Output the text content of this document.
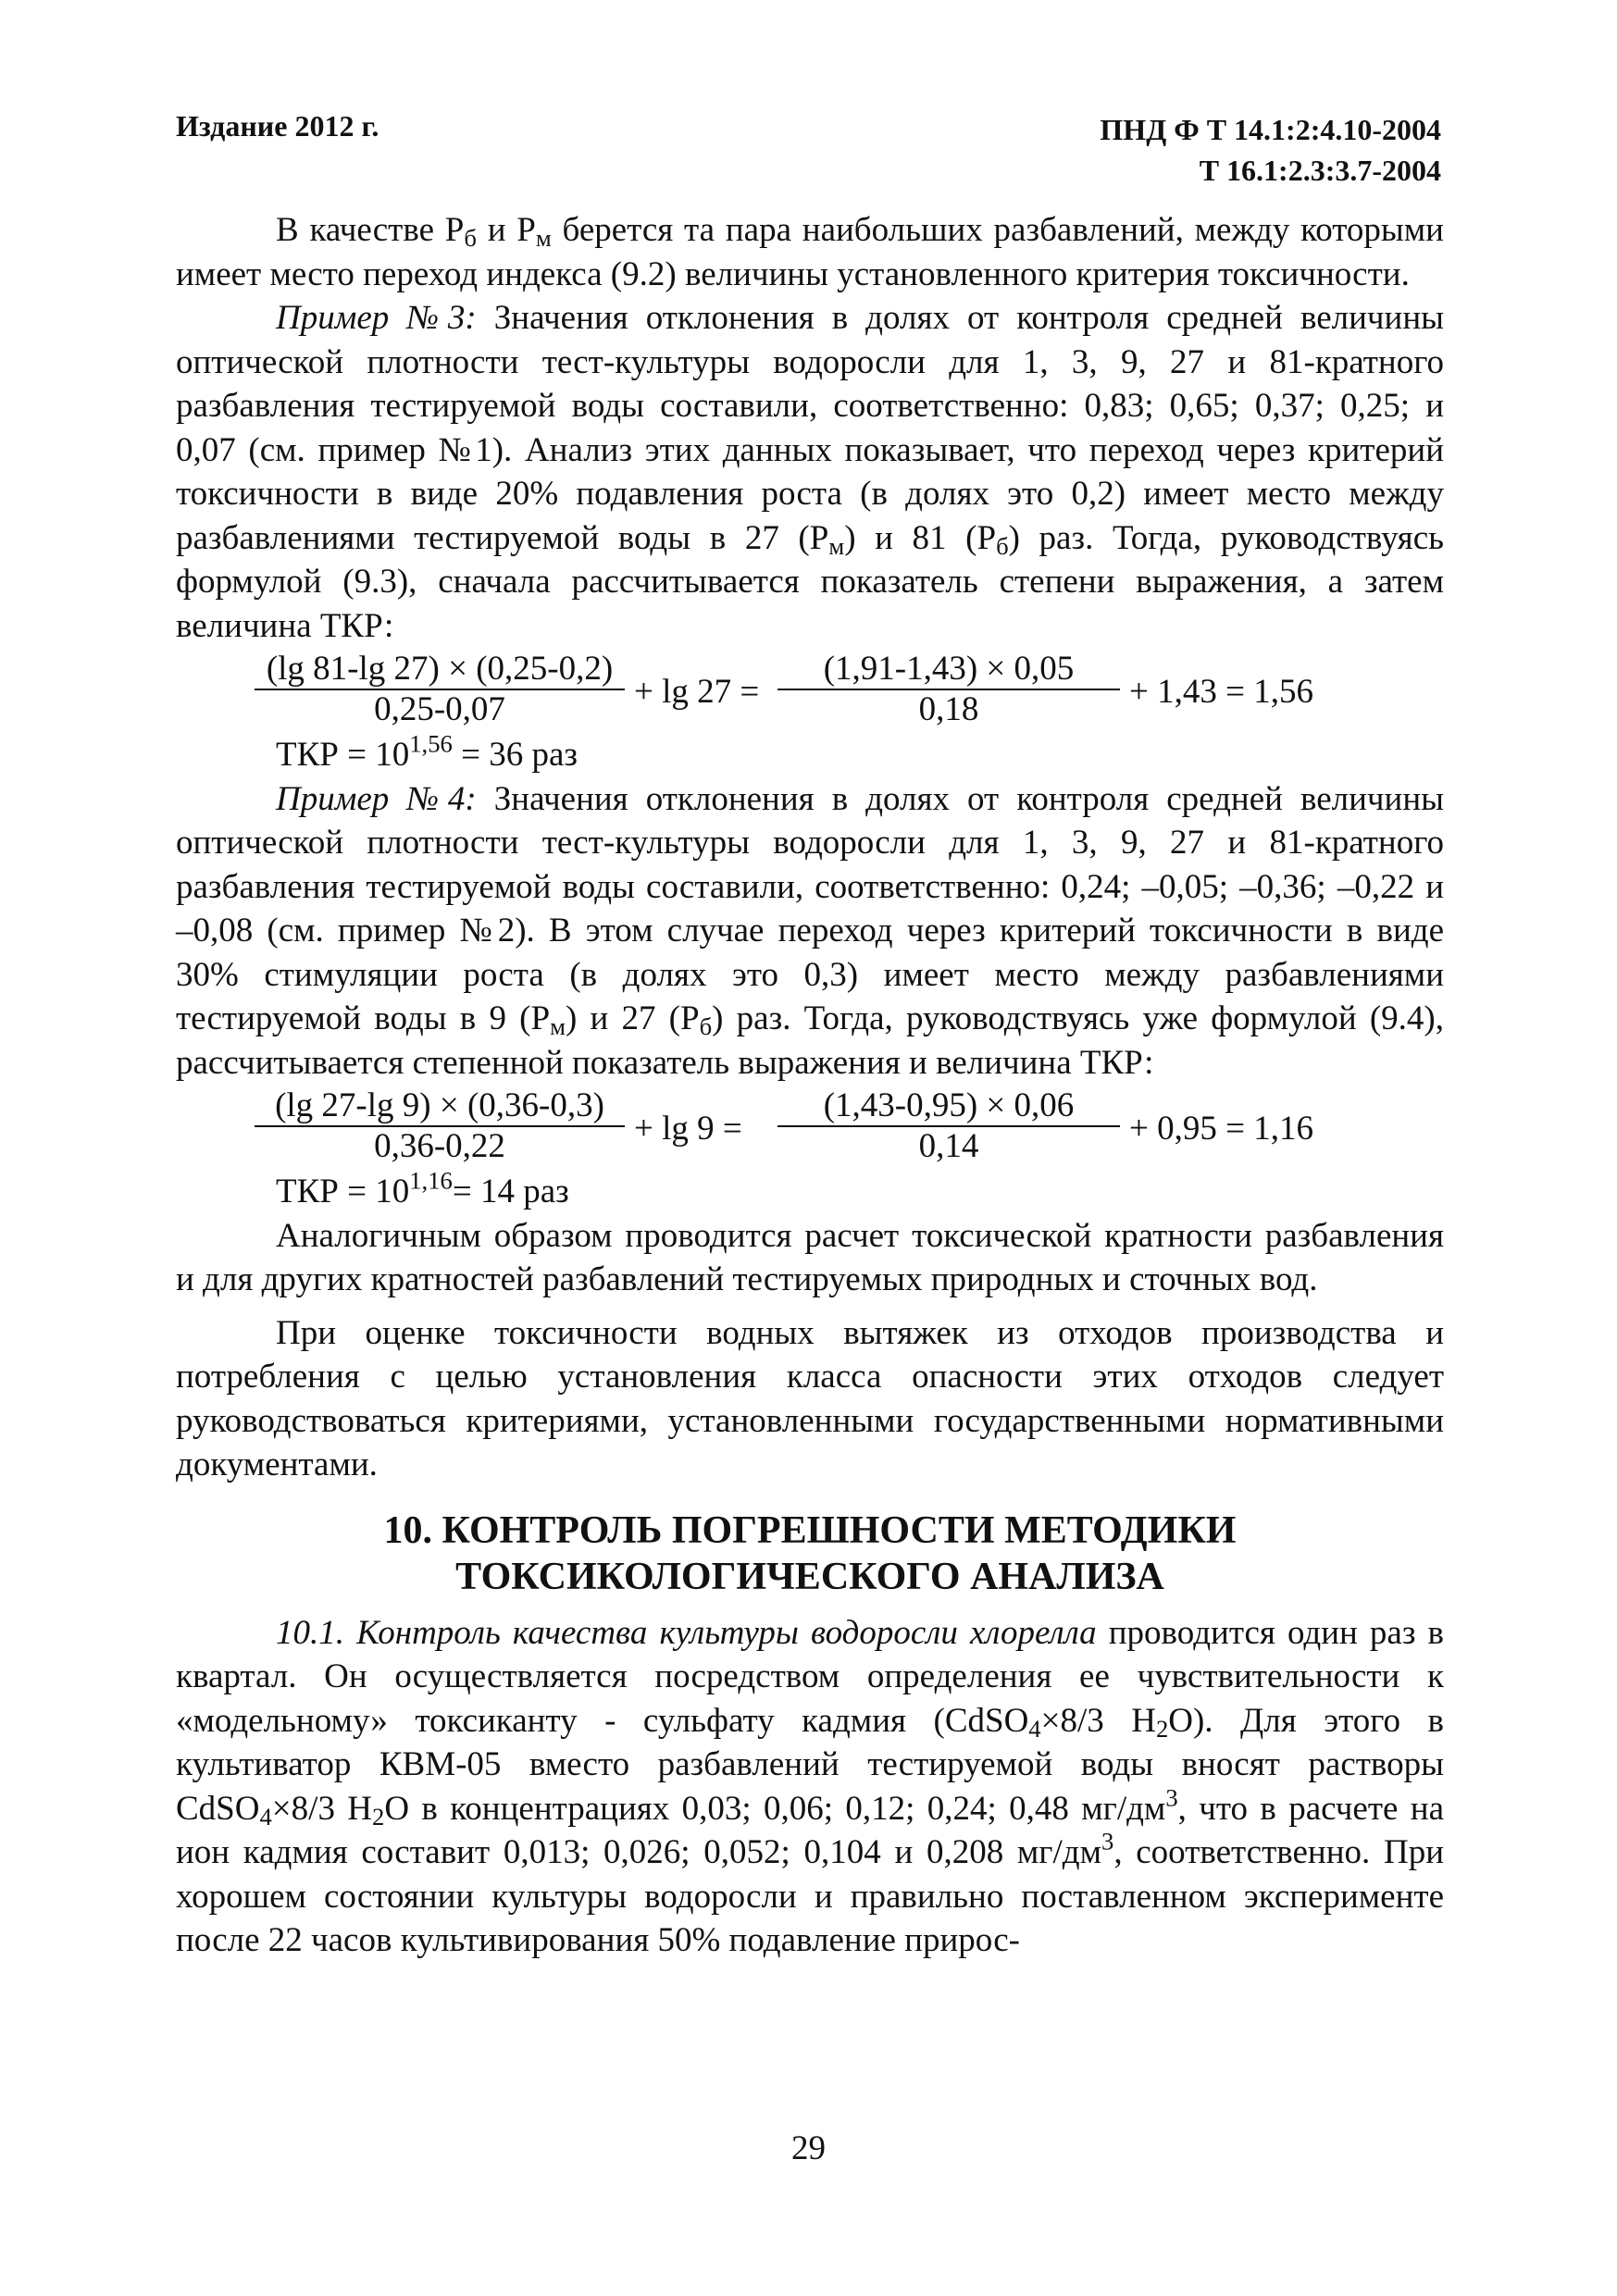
Издание 2012 г.	ПНД Ф Т 14.1:2:4.10-2004
Т 16.1:2.3:3.7-2004

В качестве $Р_б$ и $Р_м$ берется та пара наибольших разбавлений, между которыми имеет место переход индекса (9.2) величины установленного критерия токсичности.

Пример №3: Значения отклонения в долях от контроля средней величины оптической плотности тест-культуры водоросли для 1, 3, 9, 27 и 81-кратного разбавления тестируемой воды составили, соответственно: 0,83; 0,65; 0,37; 0,25; и 0,07 (см. пример №1). Анализ этих данных показывает, что переход через критерий токсичности в виде 20% подавления роста (в долях это 0,2) имеет место между разбавлениями тестируемой воды в 27 $(Р_м)$ и 81 $(Р_б)$ раз. Тогда, руководствуясь формулой (9.3), сначала рассчитывается показатель степени выражения, а затем величина ТКР:

$\frac{(\lg 81-\lg 27) \times (0,25-0,2)}{0,25-0,07} + \lg 27 = \frac{(1,91-1,43) \times 0,05}{0,18} + 1,43 = 1,56$
ТКР = $10^{1,56} = 36$ раз

Пример №4: Значения отклонения в долях от контроля средней величины оптической плотности тест-культуры водоросли для 1, 3, 9, 27 и 81-кратного разбавления тестируемой воды составили, соответственно: 0,24; –0,05; –0,36; –0,22 и –0,08 (см. пример №2). В этом случае переход через критерий токсичности в виде 30% стимуляции роста (в долях это 0,3) имеет место между разбавлениями тестируемой воды в 9 $(Р_м)$ и 27 $(Р_б)$ раз. Тогда, руководствуясь уже формулой (9.4), рассчитывается степенной показатель выражения и величина ТКР:

$\frac{(\lg 27-\lg 9) \times (0,36-0,3)}{0,36-0,22} + \lg 9 = \frac{(1,43-0,95) \times 0,06}{0,14} + 0,95 = 1,16$
ТКР = $10^{1,16}= 14$ раз

Аналогичным образом проводится расчет токсической кратности разбавления и для других кратностей разбавлений тестируемых природных и сточных вод.

При оценке токсичности водных вытяжек из отходов производства и потребления с целью установления класса опасности этих отходов следует руководствоваться критериями, установленными государственными нормативными документами.

10. КОНТРОЛЬ ПОГРЕШНОСТИ МЕТОДИКИ
ТОКСИКОЛОГИЧЕСКОГО АНАЛИЗА

10.1. Контроль качества культуры водоросли хлорелла проводится один раз в квартал. Он осуществляется посредством определения ее чувствительности к «модельному» токсиканту - сульфату кадмия (CdSO$_4$×8/3 $H_2O$). Для этого в культиватор КВМ-05 вместо разбавлений тестируемой воды вносят растворы CdSO$_4$×8/3 $H_2O$ в концентрациях 0,03; 0,06; 0,12; 0,24; 0,48 $мг/дм^3$, что в расчете на ион кадмия составит 0,013; 0,026; 0,052; 0,104 и 0,208 $мг/дм^3$, соответственно. При хорошем состоянии культуры водоросли и правильно поставленном эксперименте после 22 часов культивирования 50% подавление прирос-

29
